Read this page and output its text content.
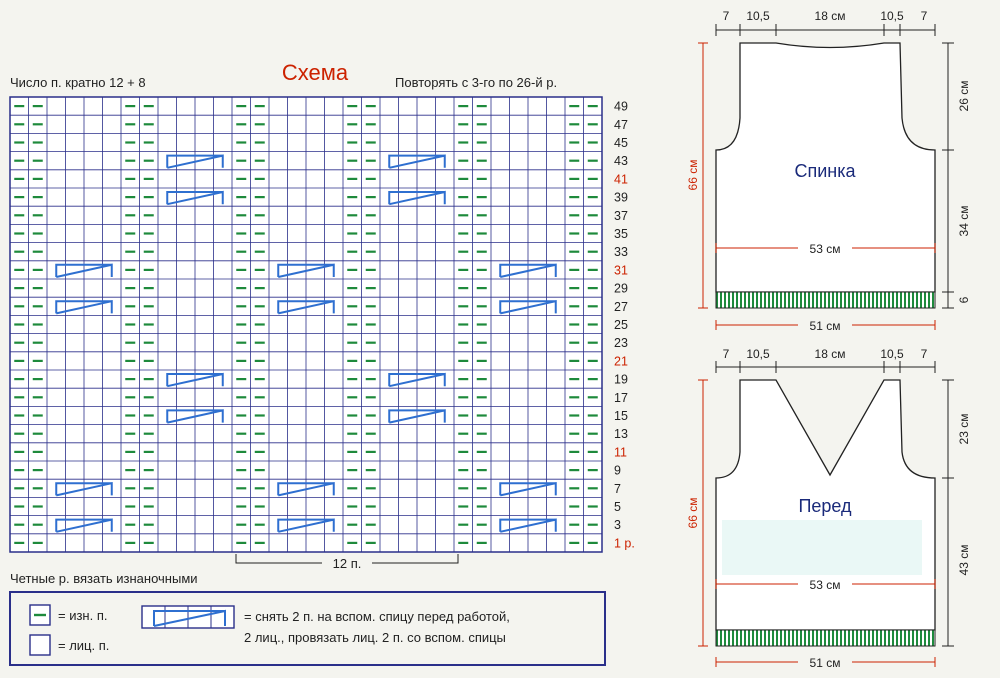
Схема
Число п. кратно 12 + 8	Повторять с 3-го по 26-й р.
49
47
45
43
41
39
37
35
33
31
29
27
25
23
21
19
17
15
13
11
9
7
5
3
1 р.
12 п.
Четные р. вязать изнаночными
= изн. п.
= лиц. п.
= снять 2 п. на вспом. спицу перед работой,
2 лиц., провязать лиц. 2 п. со вспом. спицы
7 10,5	18 см	10,5 7
Спинка
66 см
26 см
34 см
6
53 см
51 см
7 10,5	18 см	10,5 7
Перед
66 см
23 см
43 см
53 см
51 см
